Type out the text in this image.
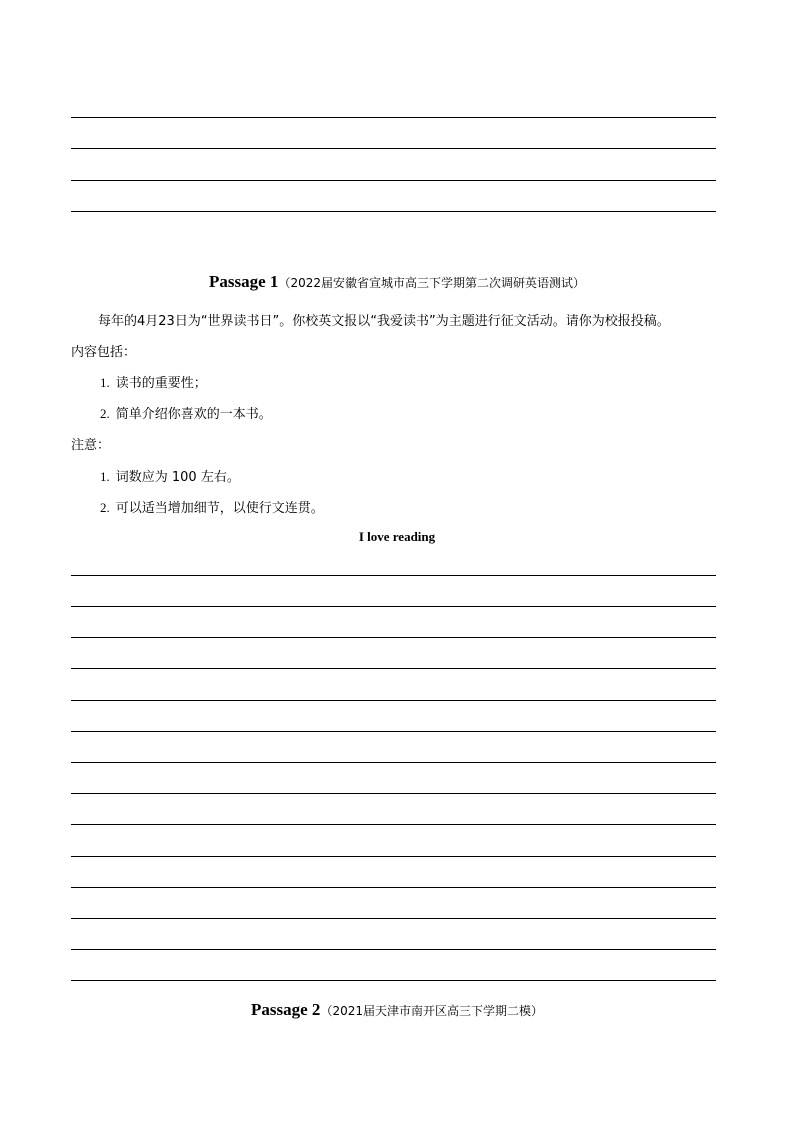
Passage 1（2022届安徽省宣城市高三下学期第二次调研英语测试）
每年的4月23日为“世界读书日”。你校英文报以“我爱读书”为主题进行征文活动。请你为校报投稿。
内容包括：
1. 读书的重要性；
2. 简单介绍你喜欢的一本书。
注意：
1. 词数应为 100 左右。
2. 可以适当增加细节，以使行文连贯。
I love reading
Passage 2（2021届天津市南开区高三下学期二模）
